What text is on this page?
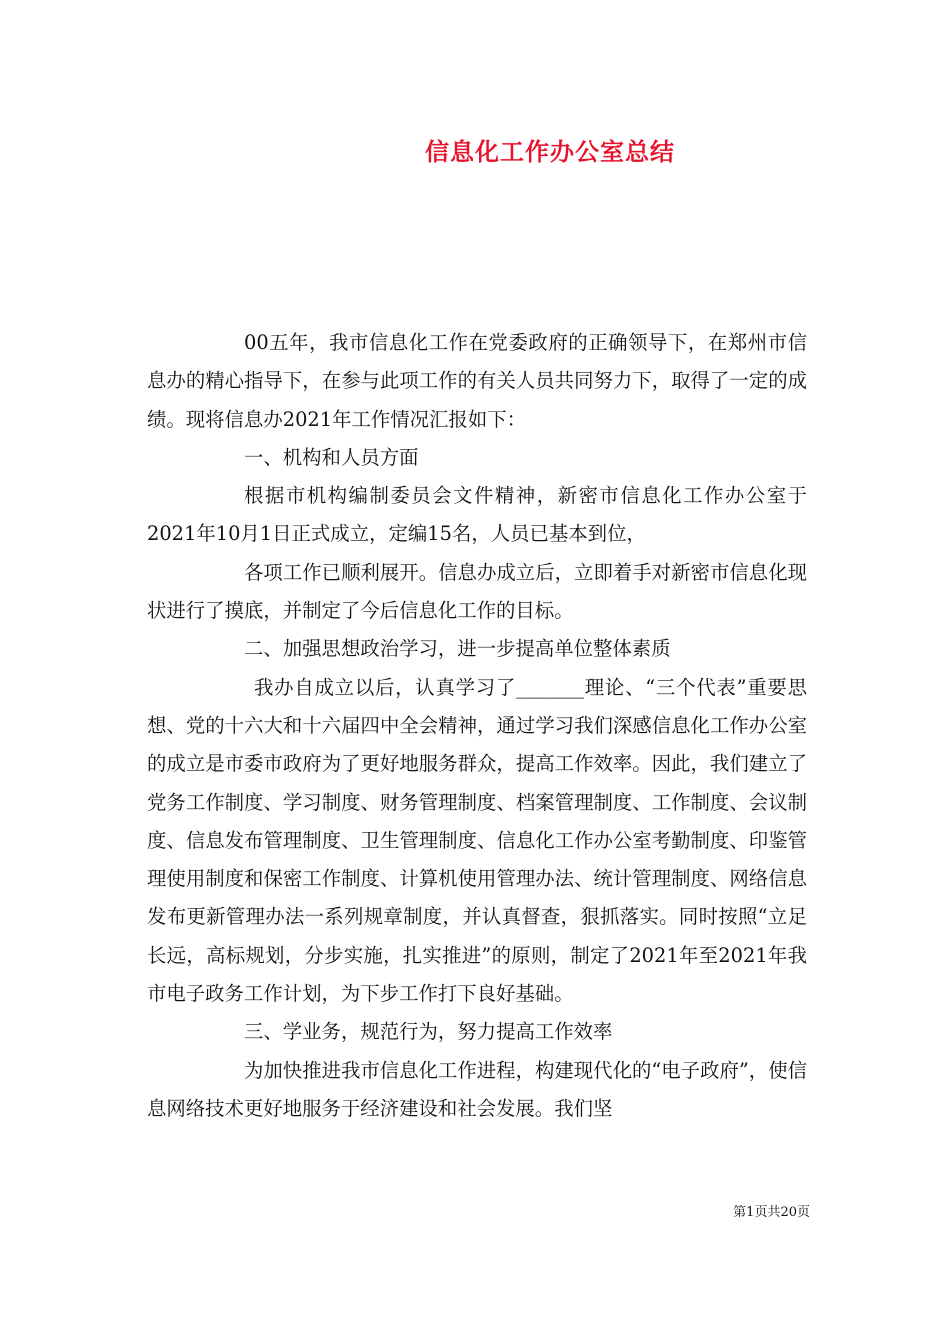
信息化工作办公室总结

00五年，我市信息化工作在党委政府的正确领导下，在郑州市信息办的精心指导下，在参与此项工作的有关人员共同努力下，取得了一定的成绩。现将信息办2021年工作情况汇报如下：

一、机构和人员方面

根据市机构编制委员会文件精神，新密市信息化工作办公室于2021年10月1日正式成立，定编15名，人员已基本到位，

各项工作已顺利展开。信息办成立后，立即着手对新密市信息化现状进行了摸底，并制定了今后信息化工作的目标。

二、加强思想政治学习，进一步提高单位整体素质

我办自成立以后，认真学习了_______理论、“三个代表”重要思想、党的十六大和十六届四中全会精神，通过学习我们深感信息化工作办公室的成立是市委市政府为了更好地服务群众，提高工作效率。因此，我们建立了党务工作制度、学习制度、财务管理制度、档案管理制度、工作制度、会议制度、信息发布管理制度、卫生管理制度、信息化工作办公室考勤制度、印鉴管理使用制度和保密工作制度、计算机使用管理办法、统计管理制度、网络信息发布更新管理办法一系列规章制度，并认真督查，狠抓落实。同时按照“立足长远，高标规划，分步实施，扎实推进”的原则，制定了2021年至2021年我市电子政务工作计划，为下步工作打下良好基础。

三、学业务，规范行为，努力提高工作效率

为加快推进我市信息化工作进程，构建现代化的“电子政府”，使信息网络技术更好地服务于经济建设和社会发展。我们坚

第1页共20页
